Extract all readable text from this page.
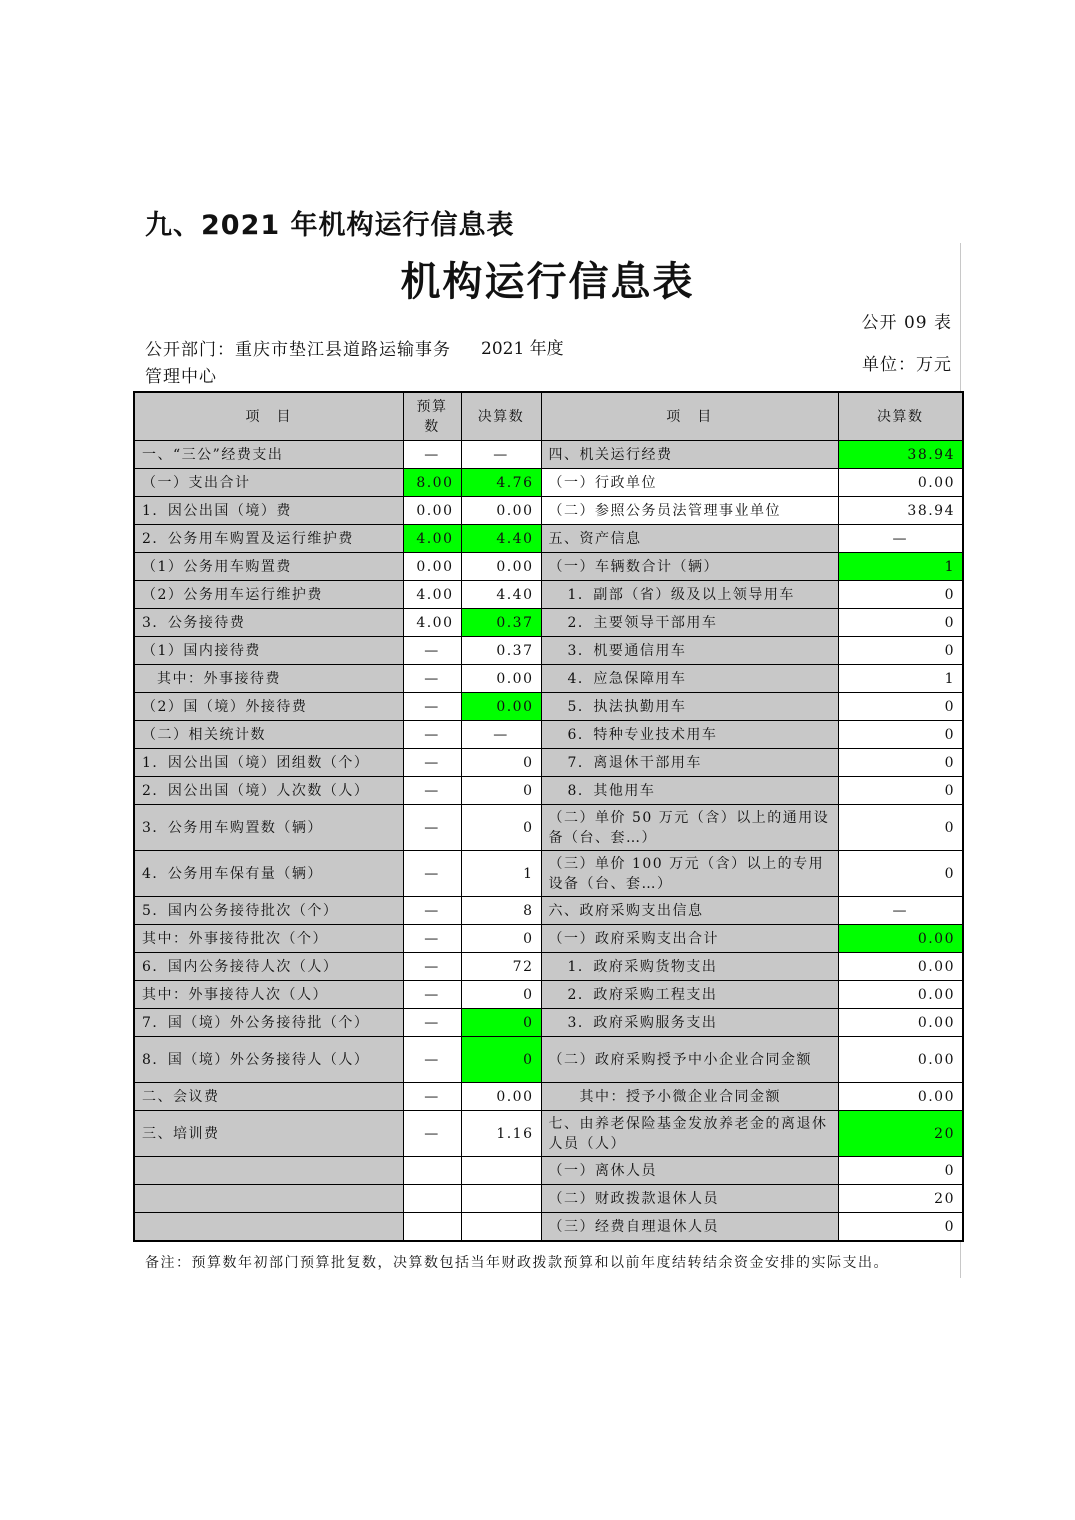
九、2021 年机构运行信息表
机构运行信息表
公开 09 表
公开部门：重庆市垫江县道路运输事务管理中心
2021 年度
单位：万元
项　目	预算数	决算数	项　目	决算数
一、“三公”经费支出	—	—	四、机关运行经费	38.94
（一）支出合计	8.00	4.76	（一）行政单位	0.00
1．因公出国（境）费	0.00	0.00	（二）参照公务员法管理事业单位	38.94
2．公务用车购置及运行维护费	4.00	4.40	五、资产信息	—
（1）公务用车购置费	0.00	0.00	（一）车辆数合计（辆）	1
（2）公务用车运行维护费	4.00	4.40	1．副部（省）级及以上领导用车	0
3．公务接待费	4.00	0.37	2．主要领导干部用车	0
（1）国内接待费	—	0.37	3．机要通信用车	0
其中：外事接待费	—	0.00	4．应急保障用车	1
（2）国（境）外接待费	—	0.00	5．执法执勤用车	0
（二）相关统计数	—	—	6．特种专业技术用车	0
1．因公出国（境）团组数（个）	—	0	7．离退休干部用车	0
2．因公出国（境）人次数（人）	—	0	8．其他用车	0
3．公务用车购置数（辆）	—	0	（二）单价 50 万元（含）以上的通用设备（台、套…）	0
4．公务用车保有量（辆）	—	1	（三）单价 100 万元（含）以上的专用设备（台、套…）	0
5．国内公务接待批次（个）	—	8	六、政府采购支出信息	—
其中：外事接待批次（个）	—	0	（一）政府采购支出合计	0.00
6．国内公务接待人次（人）	—	72	1．政府采购货物支出	0.00
其中：外事接待人次（人）	—	0	2．政府采购工程支出	0.00
7．国（境）外公务接待批（个）	—	0	3．政府采购服务支出	0.00
8．国（境）外公务接待人（人）	—	0	（二）政府采购授予中小企业合同金额	0.00
二、会议费	—	0.00	其中：授予小微企业合同金额	0.00
三、培训费	—	1.16	七、由养老保险基金发放养老金的离退休人员（人）	20
			（一）离休人员	0
			（二）财政拨款退休人员	20
			（三）经费自理退休人员	0
备注：预算数年初部门预算批复数，决算数包括当年财政拨款预算和以前年度结转结余资金安排的实际支出。
